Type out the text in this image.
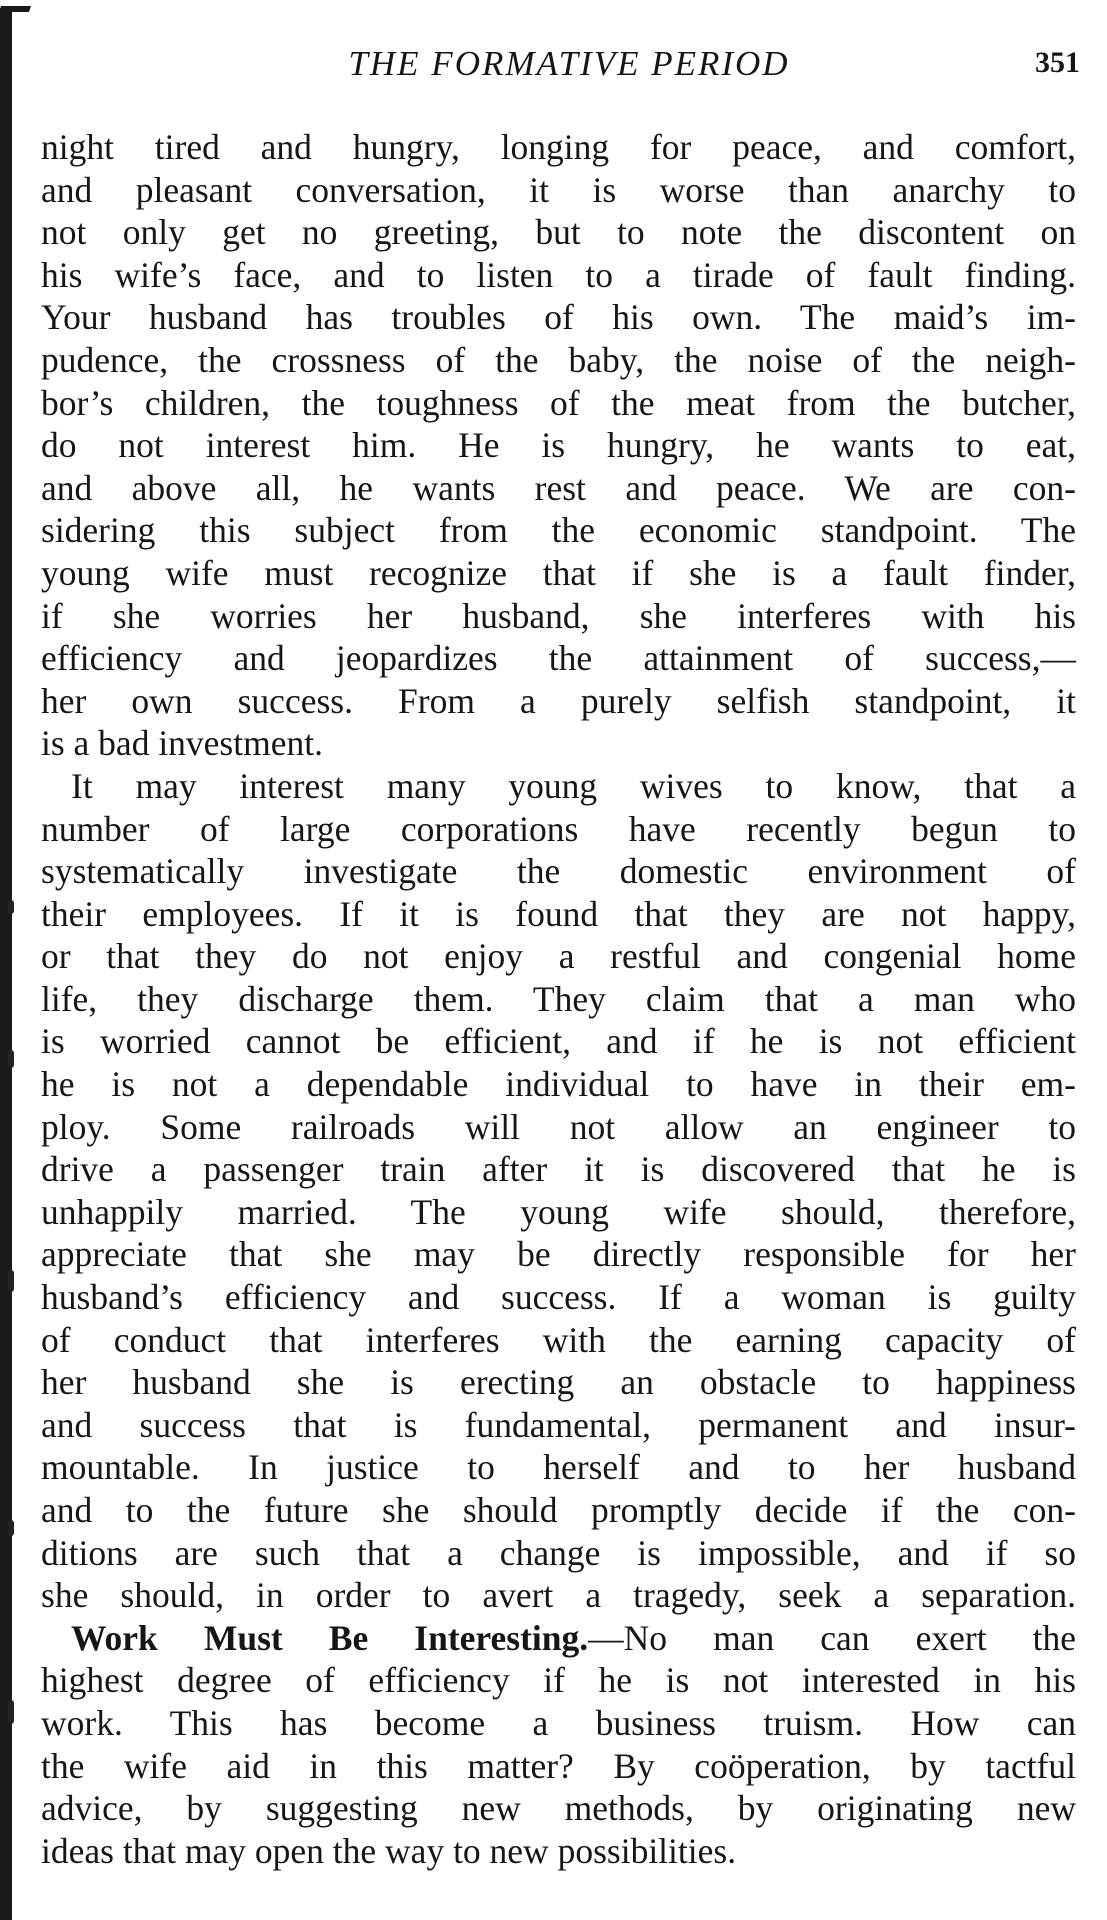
THE FORMATIVE PERIOD	351
night tired and hungry, longing for peace, and comfort,
and pleasant conversation, it is worse than anarchy to
not only get no greeting, but to note the discontent on
his wife’s face, and to listen to a tirade of fault finding.
Your husband has troubles of his own. The maid’s im-
pudence, the crossness of the baby, the noise of the neigh-
bor’s children, the toughness of the meat from the butcher,
do not interest him. He is hungry, he wants to eat,
and above all, he wants rest and peace. We are con-
sidering this subject from the economic standpoint. The
young wife must recognize that if she is a fault finder,
if she worries her husband, she interferes with his
efficiency and jeopardizes the attainment of success,—
her own success. From a purely selfish standpoint, it
is a bad investment.
It may interest many young wives to know, that a
number of large corporations have recently begun to
systematically investigate the domestic environment of
their employees. If it is found that they are not happy,
or that they do not enjoy a restful and congenial home
life, they discharge them. They claim that a man who
is worried cannot be efficient, and if he is not efficient
he is not a dependable individual to have in their em-
ploy. Some railroads will not allow an engineer to
drive a passenger train after it is discovered that he is
unhappily married. The young wife should, therefore,
appreciate that she may be directly responsible for her
husband’s efficiency and success. If a woman is guilty
of conduct that interferes with the earning capacity of
her husband she is erecting an obstacle to happiness
and success that is fundamental, permanent and insur-
mountable. In justice to herself and to her husband
and to the future she should promptly decide if the con-
ditions are such that a change is impossible, and if so
she should, in order to avert a tragedy, seek a separation.
Work Must Be Interesting.—No man can exert the
highest degree of efficiency if he is not interested in his
work. This has become a business truism. How can
the wife aid in this matter? By coöperation, by tactful
advice, by suggesting new methods, by originating new
ideas that may open the way to new possibilities.
